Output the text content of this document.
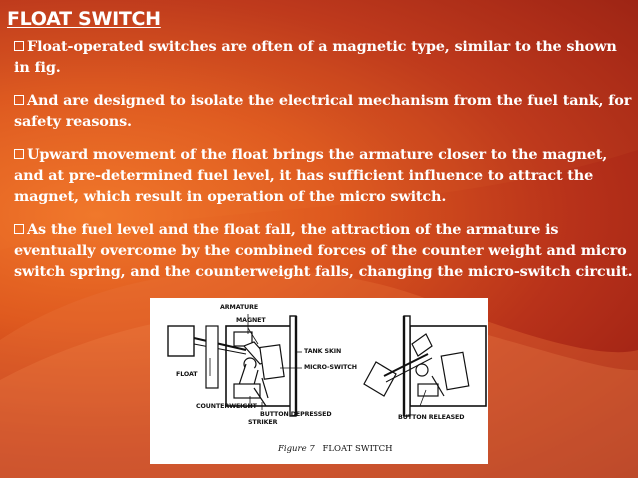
FLOAT SWITCH
Float-operated switches are often of a magnetic type, similar to the shown in fig.
And are designed to isolate the electrical mechanism from the fuel tank, for safety reasons.
Upward movement of the float brings the armature closer to the magnet, and at pre-determined fuel level, it has sufficient influence to attract the magnet, which result in operation of the micro switch.
As the fuel level and the float fall, the attraction of the armature is eventually overcome by the combined forces of the counter weight and micro switch spring, and the counterweight falls, changing the micro-switch circuit.
ARMATURE
MAGNET
TANK SKIN
FLOAT
MICRO-SWITCH
COUNTERWEIGHT
BUTTON DEPRESSED
STRIKER
BUTTON RELEASED
Figure 7 FLOAT SWITCH
